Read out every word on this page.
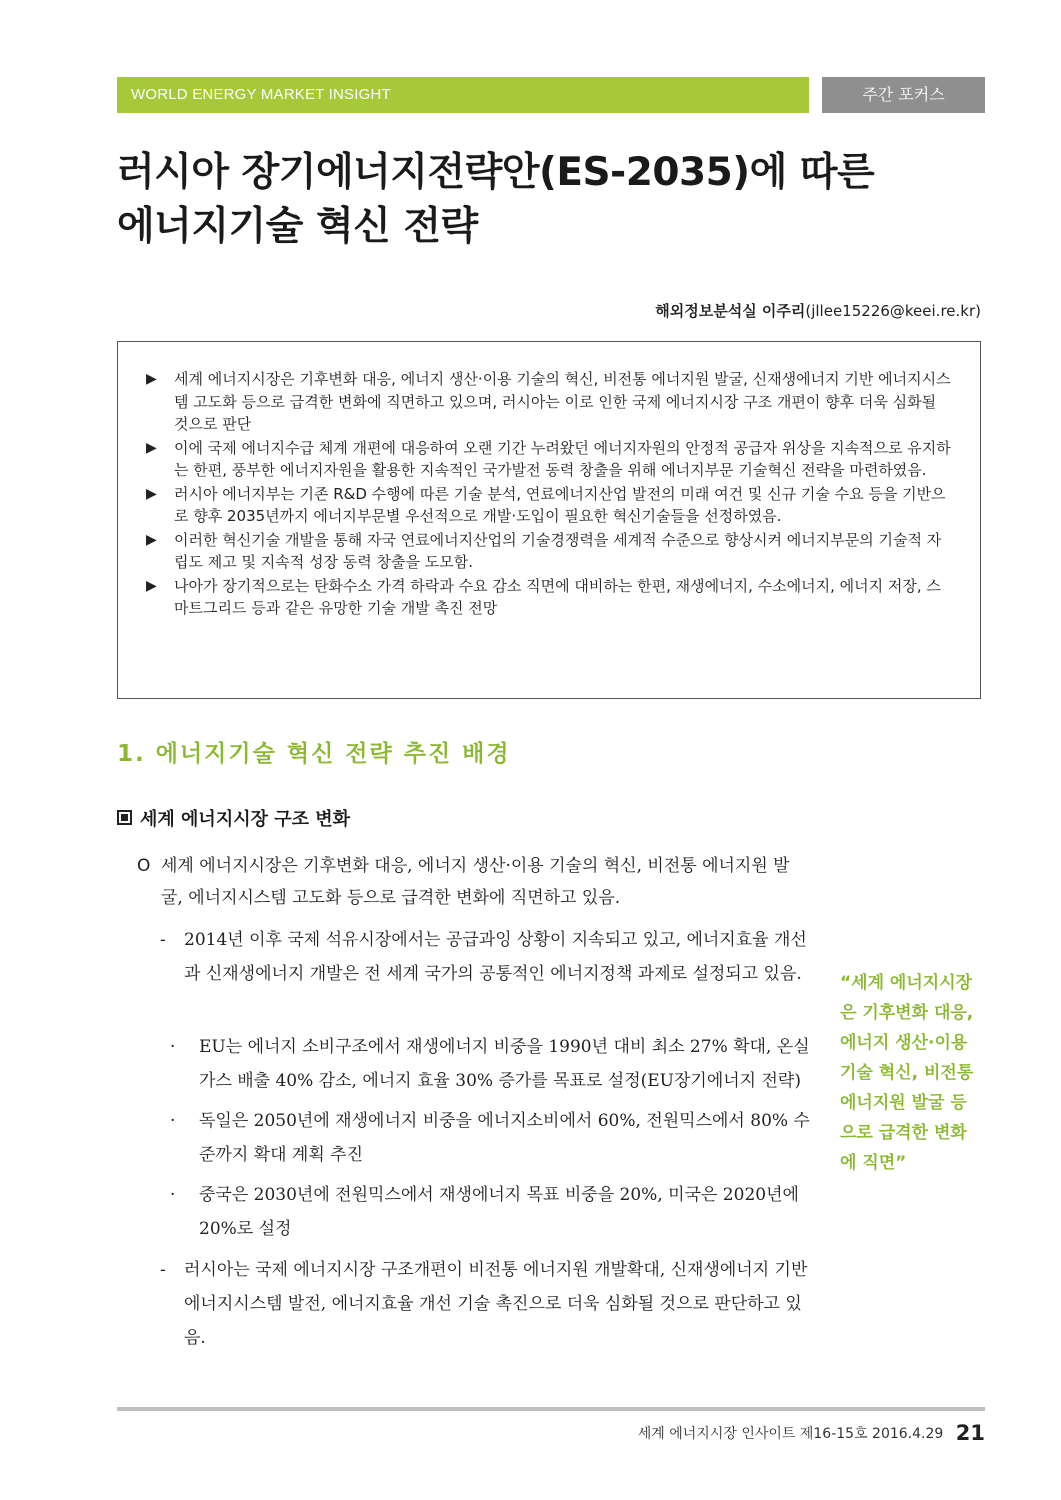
WORLD ENERGY MARKET INSIGHT	주간 포커스
러시아 장기에너지전략안(ES-2035)에 따른
에너지기술 혁신 전략
해외정보분석실 이주리(jllee15226@keei.re.kr)
▶ 세계 에너지시장은 기후변화 대응, 에너지 생산·이용 기술의 혁신, 비전통 에너지원 발굴, 신재생에너지 기반 에너지시스템 고도화 등으로 급격한 변화에 직면하고 있으며, 러시아는 이로 인한 국제 에너지시장 구조 개편이 향후 더욱 심화될 것으로 판단
▶ 이에 국제 에너지수급 체계 개편에 대응하여 오랜 기간 누려왔던 에너지자원의 안정적 공급자 위상을 지속적으로 유지하는 한편, 풍부한 에너지자원을 활용한 지속적인 국가발전 동력 창출을 위해 에너지부문 기술혁신 전략을 마련하였음.
▶ 러시아 에너지부는 기존 R&D 수행에 따른 기술 분석, 연료에너지산업 발전의 미래 여건 및 신규 기술 수요 등을 기반으로 향후 2035년까지 에너지부문별 우선적으로 개발·도입이 필요한 혁신기술들을 선정하였음.
▶ 이러한 혁신기술 개발을 통해 자국 연료에너지산업의 기술경쟁력을 세계적 수준으로 향상시켜 에너지부문의 기술적 자립도 제고 및 지속적 성장 동력 창출을 도모함.
▶ 나아가 장기적으로는 탄화수소 가격 하락과 수요 감소 직면에 대비하는 한편, 재생에너지, 수소에너지, 에너지 저장, 스마트그리드 등과 같은 유망한 기술 개발 촉진 전망
1. 에너지기술 혁신 전략 추진 배경
세계 에너지시장 구조 변화
O 세계 에너지시장은 기후변화 대응, 에너지 생산·이용 기술의 혁신, 비전통 에너지원 발굴, 에너지시스템 고도화 등으로 급격한 변화에 직면하고 있음.
-	2014년 이후 국제 석유시장에서는 공급과잉 상황이 지속되고 있고, 에너지효율 개선과 신재생에너지 개발은 전 세계 국가의 공통적인 에너지정책 과제로 설정되고 있음.
·	EU는 에너지 소비구조에서 재생에너지 비중을 1990년 대비 최소 27% 확대, 온실가스 배출 40% 감소, 에너지 효율 30% 증가를 목표로 설정(EU장기에너지 전략)
·	독일은 2050년에 재생에너지 비중을 에너지소비에서 60%, 전원믹스에서 80% 수준까지 확대 계획 추진
·	중국은 2030년에 전원믹스에서 재생에너지 목표 비중을 20%, 미국은 2020년에 20%로 설정
-	러시아는 국제 에너지시장 구조개편이 비전통 에너지원 개발확대, 신재생에너지 기반 에너지시스템 발전, 에너지효율 개선 기술 촉진으로 더욱 심화될 것으로 판단하고 있음.

“세계 에너지시장은 기후변화 대응, 에너지 생산·이용 기술 혁신, 비전통 에너지원 발굴 등으로 급격한 변화에 직면”

세계 에너지시장 인사이트 제16-15호 2016.4.29 21
